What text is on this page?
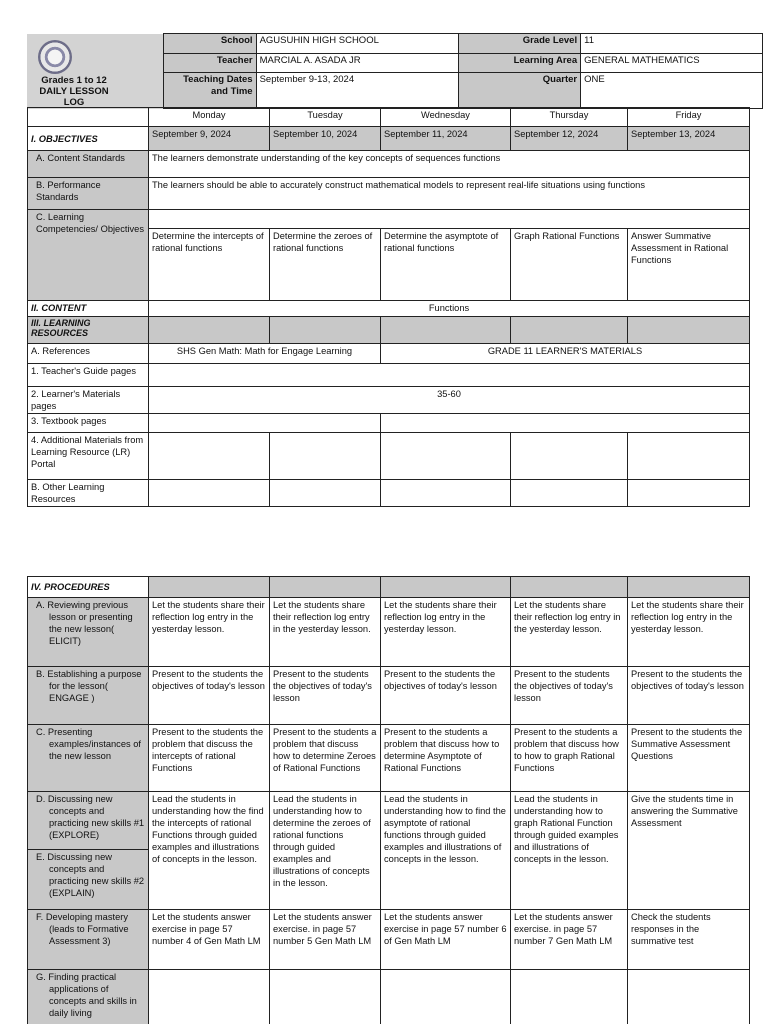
Grades 1 to 12
DAILY LESSON
LOG	School	AGUSUHIN HIGH SCHOOL	Grade Level	11
	Teacher	MARCIAL A. ASADA JR	Learning Area	GENERAL MATHEMATICS
	Teaching Dates
and Time	September 9-13, 2024	Quarter	ONE
	Monday	Tuesday	Wednesday	Thursday	Friday
I. OBJECTIVES	September 9, 2024	September 10, 2024	September 11, 2024	September 12, 2024	September 13, 2024
A. Content Standards	The learners demonstrate understanding of the key concepts of sequences functions				
B. Performance Standards	The learners should be able to accurately construct mathematical models to represent real-life situations using functions				
C. Learning Competencies/ Objectives					
	Determine the intercepts of rational functions	Determine the zeroes of rational functions	Determine the asymptote of rational functions	Graph Rational Functions	Answer Summative Assessment in Rational Functions
II. CONTENT	Functions				
III. LEARNING RESOURCES					
A. References	SHS Gen Math: Math for Engage Learning		GRADE 11 LEARNER'S MATERIALS		
1. Teacher's Guide pages					
2. Learner's Materials pages	35-60				
3. Textbook pages					
4. Additional Materials from Learning Resource (LR) Portal					
B. Other Learning Resources					
IV. PROCEDURES					
A. Reviewing previous lesson or presenting the new lesson( ELICIT)	Let the students share their reflection log entry in the yesterday lesson.	Let the students share their reflection log entry in the yesterday lesson.	Let the students share their reflection log entry in the yesterday lesson.	Let the students share their reflection log entry in the yesterday lesson.	Let the students share their reflection log entry in the yesterday lesson.
B. Establishing a purpose for the lesson( ENGAGE )	Present to the students the objectives of today's lesson	Present to the students the objectives of today's lesson	Present to the students the objectives of today's lesson	Present to the students the objectives of today's lesson	Present to the students the objectives of today's lesson
C. Presenting examples/instances of the new lesson	Present to the students the problem that discuss the intercepts of rational Functions	Present to the students a problem that discuss how to determine Zeroes of Rational Functions	Present to the students a problem that discuss how to determine Asymptote of Rational Functions	Present to the students a problem that discuss how to how to graph Rational Functions	Present to the students the Summative Assessment Questions
D. Discussing new concepts and practicing new skills #1 (EXPLORE)	Lead the students in understanding how the find the intercepts of rational Functions through guided examples and illustrations of concepts in the lesson.	Lead the students in understanding how to determine the zeroes of rational functions through guided examples and illustrations of concepts in the lesson.	Lead the students in understanding how to find the asymptote of rational functions through guided examples and illustrations of concepts in the lesson.	Lead the students in understanding how to graph Rational Function through guided examples and illustrations of concepts in the lesson.	Give the students time in answering the Summative Assessment
E. Discussing new concepts and practicing new skills #2 (EXPLAIN)					
F. Developing mastery (leads to Formative Assessment 3)	Let the students answer exercise in page 57 number 4 of Gen Math LM	Let the students answer exercise. in page 57 number 5 Gen Math LM	Let the students answer exercise in page 57 number 6 of Gen Math LM	Let the students answer exercise. in page 57 number 7 Gen Math LM	Check the students responses in the summative test
G. Finding practical applications of concepts and skills in daily living					
